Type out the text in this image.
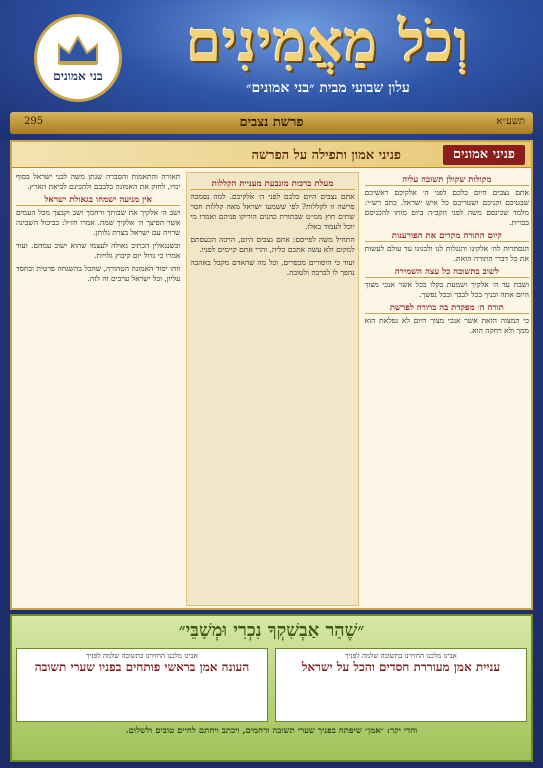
בני אמונים
וְכֹל מַאֲמִינִים
עלון שבועי מבית ״בני אמונים״
תשע״א
פרשת נצבים
295
פניני אמונים
פניני אמון ותפילה על הפרשה
מקולות שקולן תשובה עליה

אתם נצבים היום כלכם לפני ה׳ אלקיכם ראשיכם שבטיכם זקניכם ושטריכם כל איש ישראל. כתב רש״י: מלמד שכינסם משה לפני הקב״ה ביום מותו להכניסם בברית.

קיום התורה מקדים את הפורענות

הנסתרות לה׳ אלקינו והנגלות לנו ולבנינו עד עולם לעשות את כל דברי התורה הזאת.

לשוב בתשובה כל עצה השמירה

ושבת עד ה׳ אלקיך ושמעת בקלו ככל אשר אנכי מצוך היום אתה ובניך בכל לבבך ובכל נפשך.

תורה ה׳ מפקדת בה ברורה לפרשת

כי המצוה הזאת אשר אנכי מצוך היום לא נפלאת הוא ממך ולא רחקה הוא.

מעלת ברכות מונבעת מעניית הקללות

אתם נצבים היום כלכם לפני ה׳ אלקיכם. למה נסמכה פרשה זו לקללות? לפי ששמעו ישראל מאה קללות חסר שתים חוץ ממ״ט שבתורת כהנים הוריקו פניהם ואמרו מי יוכל לעמוד באלו.

התחיל משה לפייסם: אתם נצבים היום, הרבה הכעסתם למקום ולא עשה אתכם כליה, והרי אתם קיימים לפניו.

ועוד כי היסורים מכפרים, וכל מה שהאדם מקבל באהבה נהפך לו לברכה ולטובה.

תאורה והתאמות והסברה שנתן משה לבני ישראל בסוף ימיו, לחזק את האמונה בלבבם ולהכינם לביאת הארץ.

אין מניעה ישמחו בגאולת ישראל

ושב ה׳ אלקיך את שבותך ורחמך ושב וקבצך מכל העמים אשר הפיצך ה׳ אלקיך שמה. אמרו חז״ל: כביכול השכינה שרויה עם ישראל בצרת גלותן.

וכשנגאלין הכתיב גאולה לעצמו שהוא ישוב עמהם. ועוד אמרו כי גדול יום קיבוץ גלויות.

וזהו יסוד האמונה הטהורה, שהכל בהשגחה פרטית ובחסד עליון, וכל ישראל ערבים זה לזה.

״שֶׁהַר אַבְשִׁקְךָ נִכְרִי וּמְשַׁבֵּי״
אבינו מלכנו החזירנו בתשובה שלמה לפניך
עניית אמן מעוררת חסדים והכל על ישראל
אבינו מלכנו החזירנו בתשובה שלמה לפניך
העונה אמן בראשי פותחים בפניו שערי תשובה
והדי יקר: ״אמן״ שיפתח בפניך שערי תשובה ורחמים, ויכתב ויחתם לחיים טובים ולשלום.
